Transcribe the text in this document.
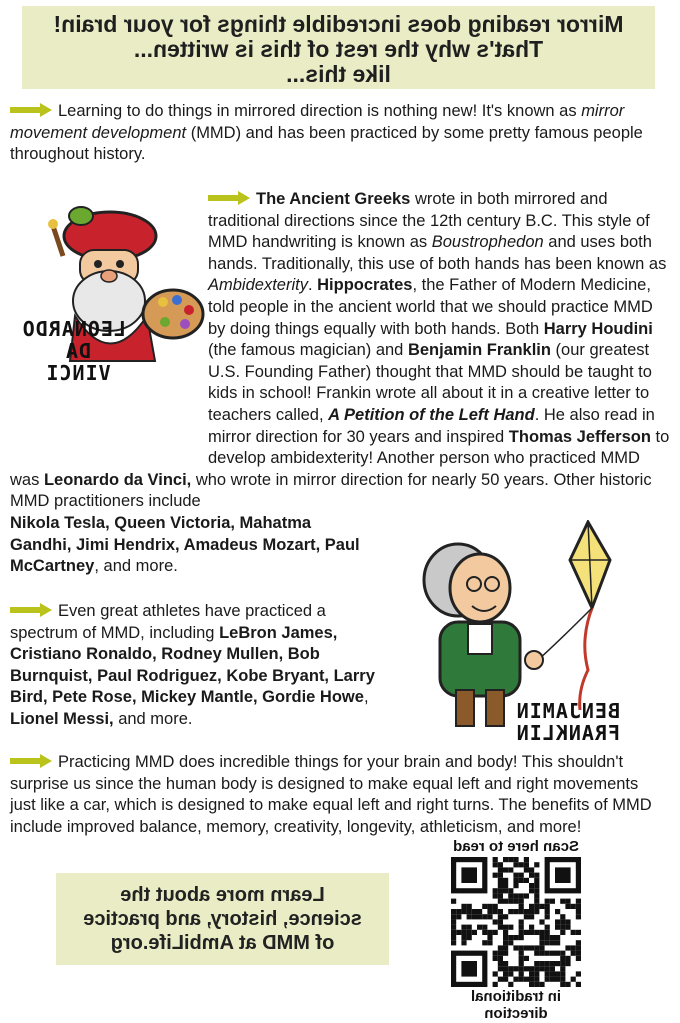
Mirror reading does incredible things for your brain!
That's why the rest of this is written...
like this...
Learning to do things in mirrored direction is nothing new! It's known as mirror movement development (MMD) and has been practiced by some pretty famous people throughout history.
The Ancient Greeks wrote in both mirrored and traditional directions since the 12th century B.C. This style of MMD handwriting is known as Boustrophedon and uses both hands. Traditionally, this use of both hands has been known as Ambidexterity. Hippocrates, the Father of Modern Medicine, told people in the ancient world that we should practice MMD by doing things equally with both hands. Both Harry Houdini (the famous magician) and Benjamin Franklin (our greatest U.S. Founding Father) thought that MMD should be taught to kids in school! Frankin wrote all about it in a creative letter to teachers called, A Petition of the Left Hand. He also read in mirror direction for 30 years and inspired Thomas Jefferson to develop ambidexterity! Another person who practiced MMD was Leonardo da Vinci, who wrote in mirror direction for nearly 50 years. Other historic MMD practitioners include

Nikola Tesla, Queen Victoria, Mahatma Gandhi, Jimi Hendrix, Amadeus Mozart, Paul McCartney, and more.
LEONARDO
DA VINCI
Even great athletes have practiced a spectrum of MMD, including LeBron James, Cristiano Ronaldo, Rodney Mullen, Bob Burnquist, Paul Rodriguez, Kobe Bryant, Larry Bird, Pete Rose, Mickey Mantle, Gordie Howe, Lionel Messi, and more.	BENJAMIN
FRANKLIN
Practicing MMD does incredible things for your brain and body! This shouldn't surprise us since the human body is designed to make equal left and right movements just like a car, which is designed to make equal left and right turns. The benefits of MMD include improved balance, memory, creativity, longevity, athleticism, and more!
Learn more about the
science, history, and practice
of MMD at AmbiLife.org
Scan here to read
in traditional
direction
